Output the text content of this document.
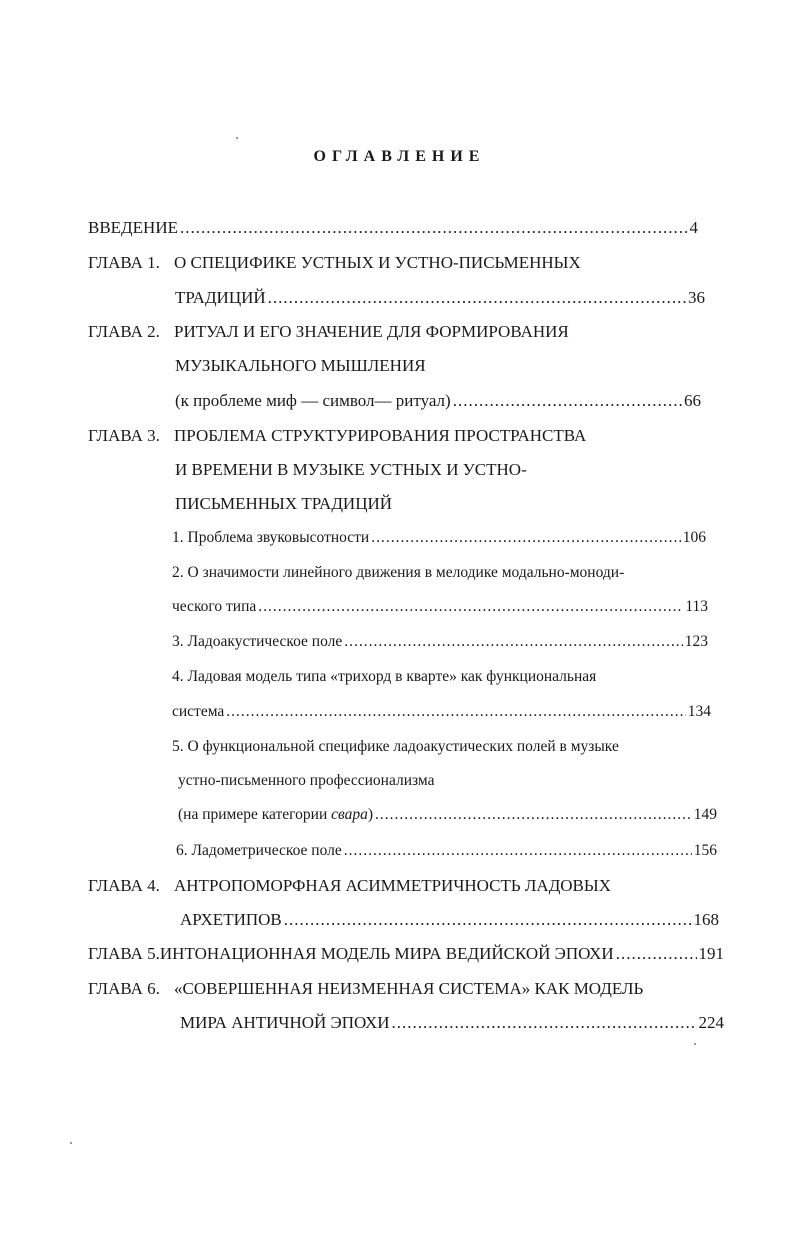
ОГЛАВЛЕНИЕ
ВВЕДЕНИЕ .....	4
ГЛАВА 1. О СПЕЦИФИКЕ УСТНЫХ И УСТНО-ПИСЬМЕННЫХ
ТРАДИЦИЙ .....	36
ГЛАВА 2. РИТУАЛ И ЕГО ЗНАЧЕНИЕ ДЛЯ ФОРМИРОВАНИЯ
МУЗЫКАЛЬНОГО МЫШЛЕНИЯ
(к проблеме миф — символ— ритуал) .....	66
ГЛАВА 3. ПРОБЛЕМА СТРУКТУРИРОВАНИЯ ПРОСТРАНСТВА
И ВРЕМЕНИ В МУЗЫКЕ УСТНЫХ И УСТНО-
ПИСЬМЕННЫХ ТРАДИЦИЙ
1. Проблема звуковысотности .....	106
2. О значимости линейного движения в мелодике модально-моноди-
ческого типа .....	113
3. Ладоакустическое поле .....	123
4. Ладовая модель типа «трихорд в кварте» как функциональная
система .....	134
5. О функциональной специфике ладоакустических полей в музыке
устно-письменного профессионализма
(на примере категории свара) .....	149
6. Ладометрическое поле .....	156
ГЛАВА 4. АНТРОПОМОРФНАЯ АСИММЕТРИЧНОСТЬ ЛАДОВЫХ
АРХЕТИПОВ .....	168
ГЛАВА 5. ИНТОНАЦИОННАЯ МОДЕЛЬ МИРА ВЕДИЙСКОЙ ЭПОХИ .....	191
ГЛАВА 6. «СОВЕРШЕННАЯ НЕИЗМЕННАЯ СИСТЕМА» КАК МОДЕЛЬ
МИРА АНТИЧНОЙ ЭПОХИ .....	224
